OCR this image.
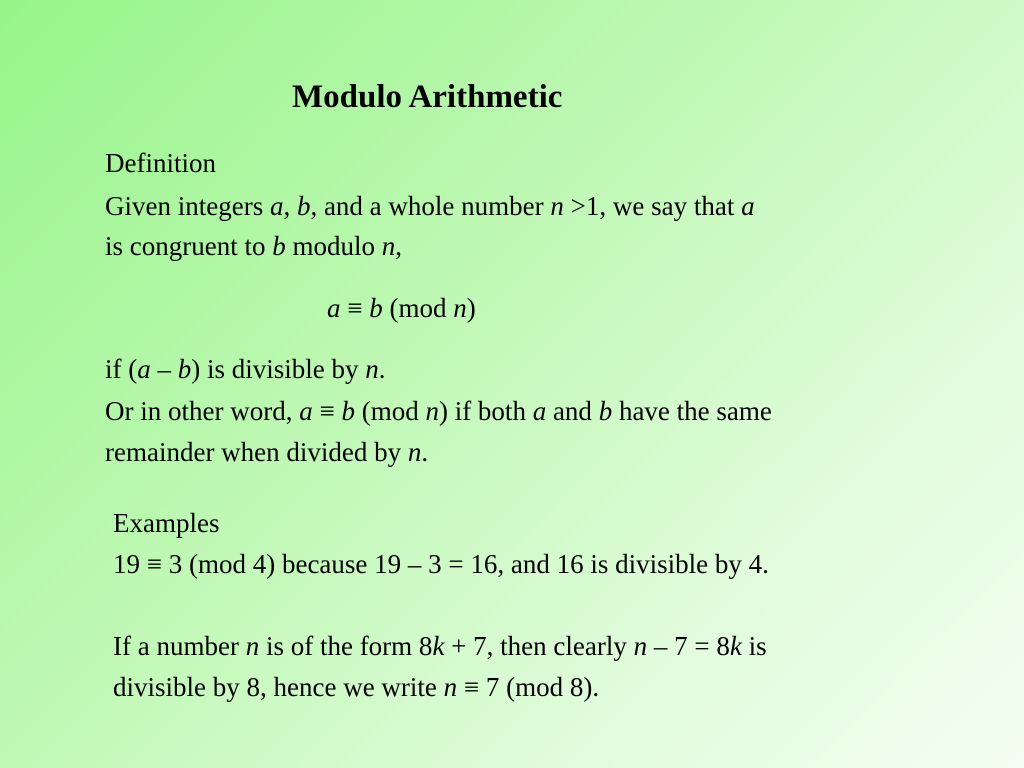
Modulo Arithmetic
Definition
Given integers a, b, and a whole number n >1, we say that a
is congruent to b modulo n,
a ≡ b (mod n)
if (a – b) is divisible by n.
Or in other word, a ≡ b (mod n) if both a and b have the same
remainder when divided by n.
Examples
19 ≡ 3 (mod 4) because 19 – 3 = 16, and 16 is divisible by 4.
If a number n is of the form 8k + 7, then clearly n – 7 = 8k is
divisible by 8, hence we write n ≡ 7 (mod 8).
